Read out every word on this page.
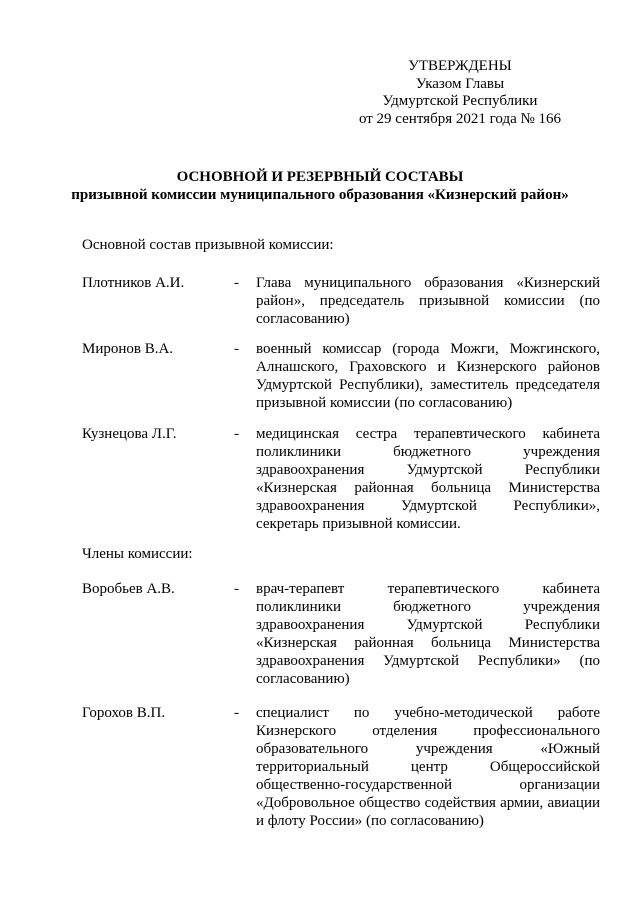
УТВЕРЖДЕНЫ
Указом Главы
Удмуртской Республики
от 29 сентября 2021 года № 166
ОСНОВНОЙ И РЕЗЕРВНЫЙ СОСТАВЫ
призывной комиссии муниципального образования «Кизнерский район»
Основной состав призывной комиссии:
Плотников А.И.	- Глава муниципального образования «Кизнерский район», председатель призывной комиссии (по согласованию)
Миронов В.А.	- военный комиссар (города Можги, Можгинского, Алнашского, Граховского и Кизнерского районов Удмуртской Республики), заместитель председателя призывной комиссии (по согласованию)
Кузнецова Л.Г.	- медицинская сестра терапевтического кабинета поликлиники бюджетного учреждения здравоохранения Удмуртской Республики «Кизнерская районная больница Министерства здравоохранения Удмуртской Республики», секретарь призывной комиссии.
Члены комиссии:
Воробьев А.В.	- врач-терапевт терапевтического кабинета поликлиники бюджетного учреждения здравоохранения Удмуртской Республики «Кизнерская районная больница Министерства здравоохранения Удмуртской Республики» (по согласованию)
Горохов В.П.	- специалист по учебно-методической работе Кизнерского отделения профессионального образовательного учреждения «Южный территориальный центр Общероссийской общественно-государственной организации «Добровольное общество содействия армии, авиации и флоту России» (по согласованию)
